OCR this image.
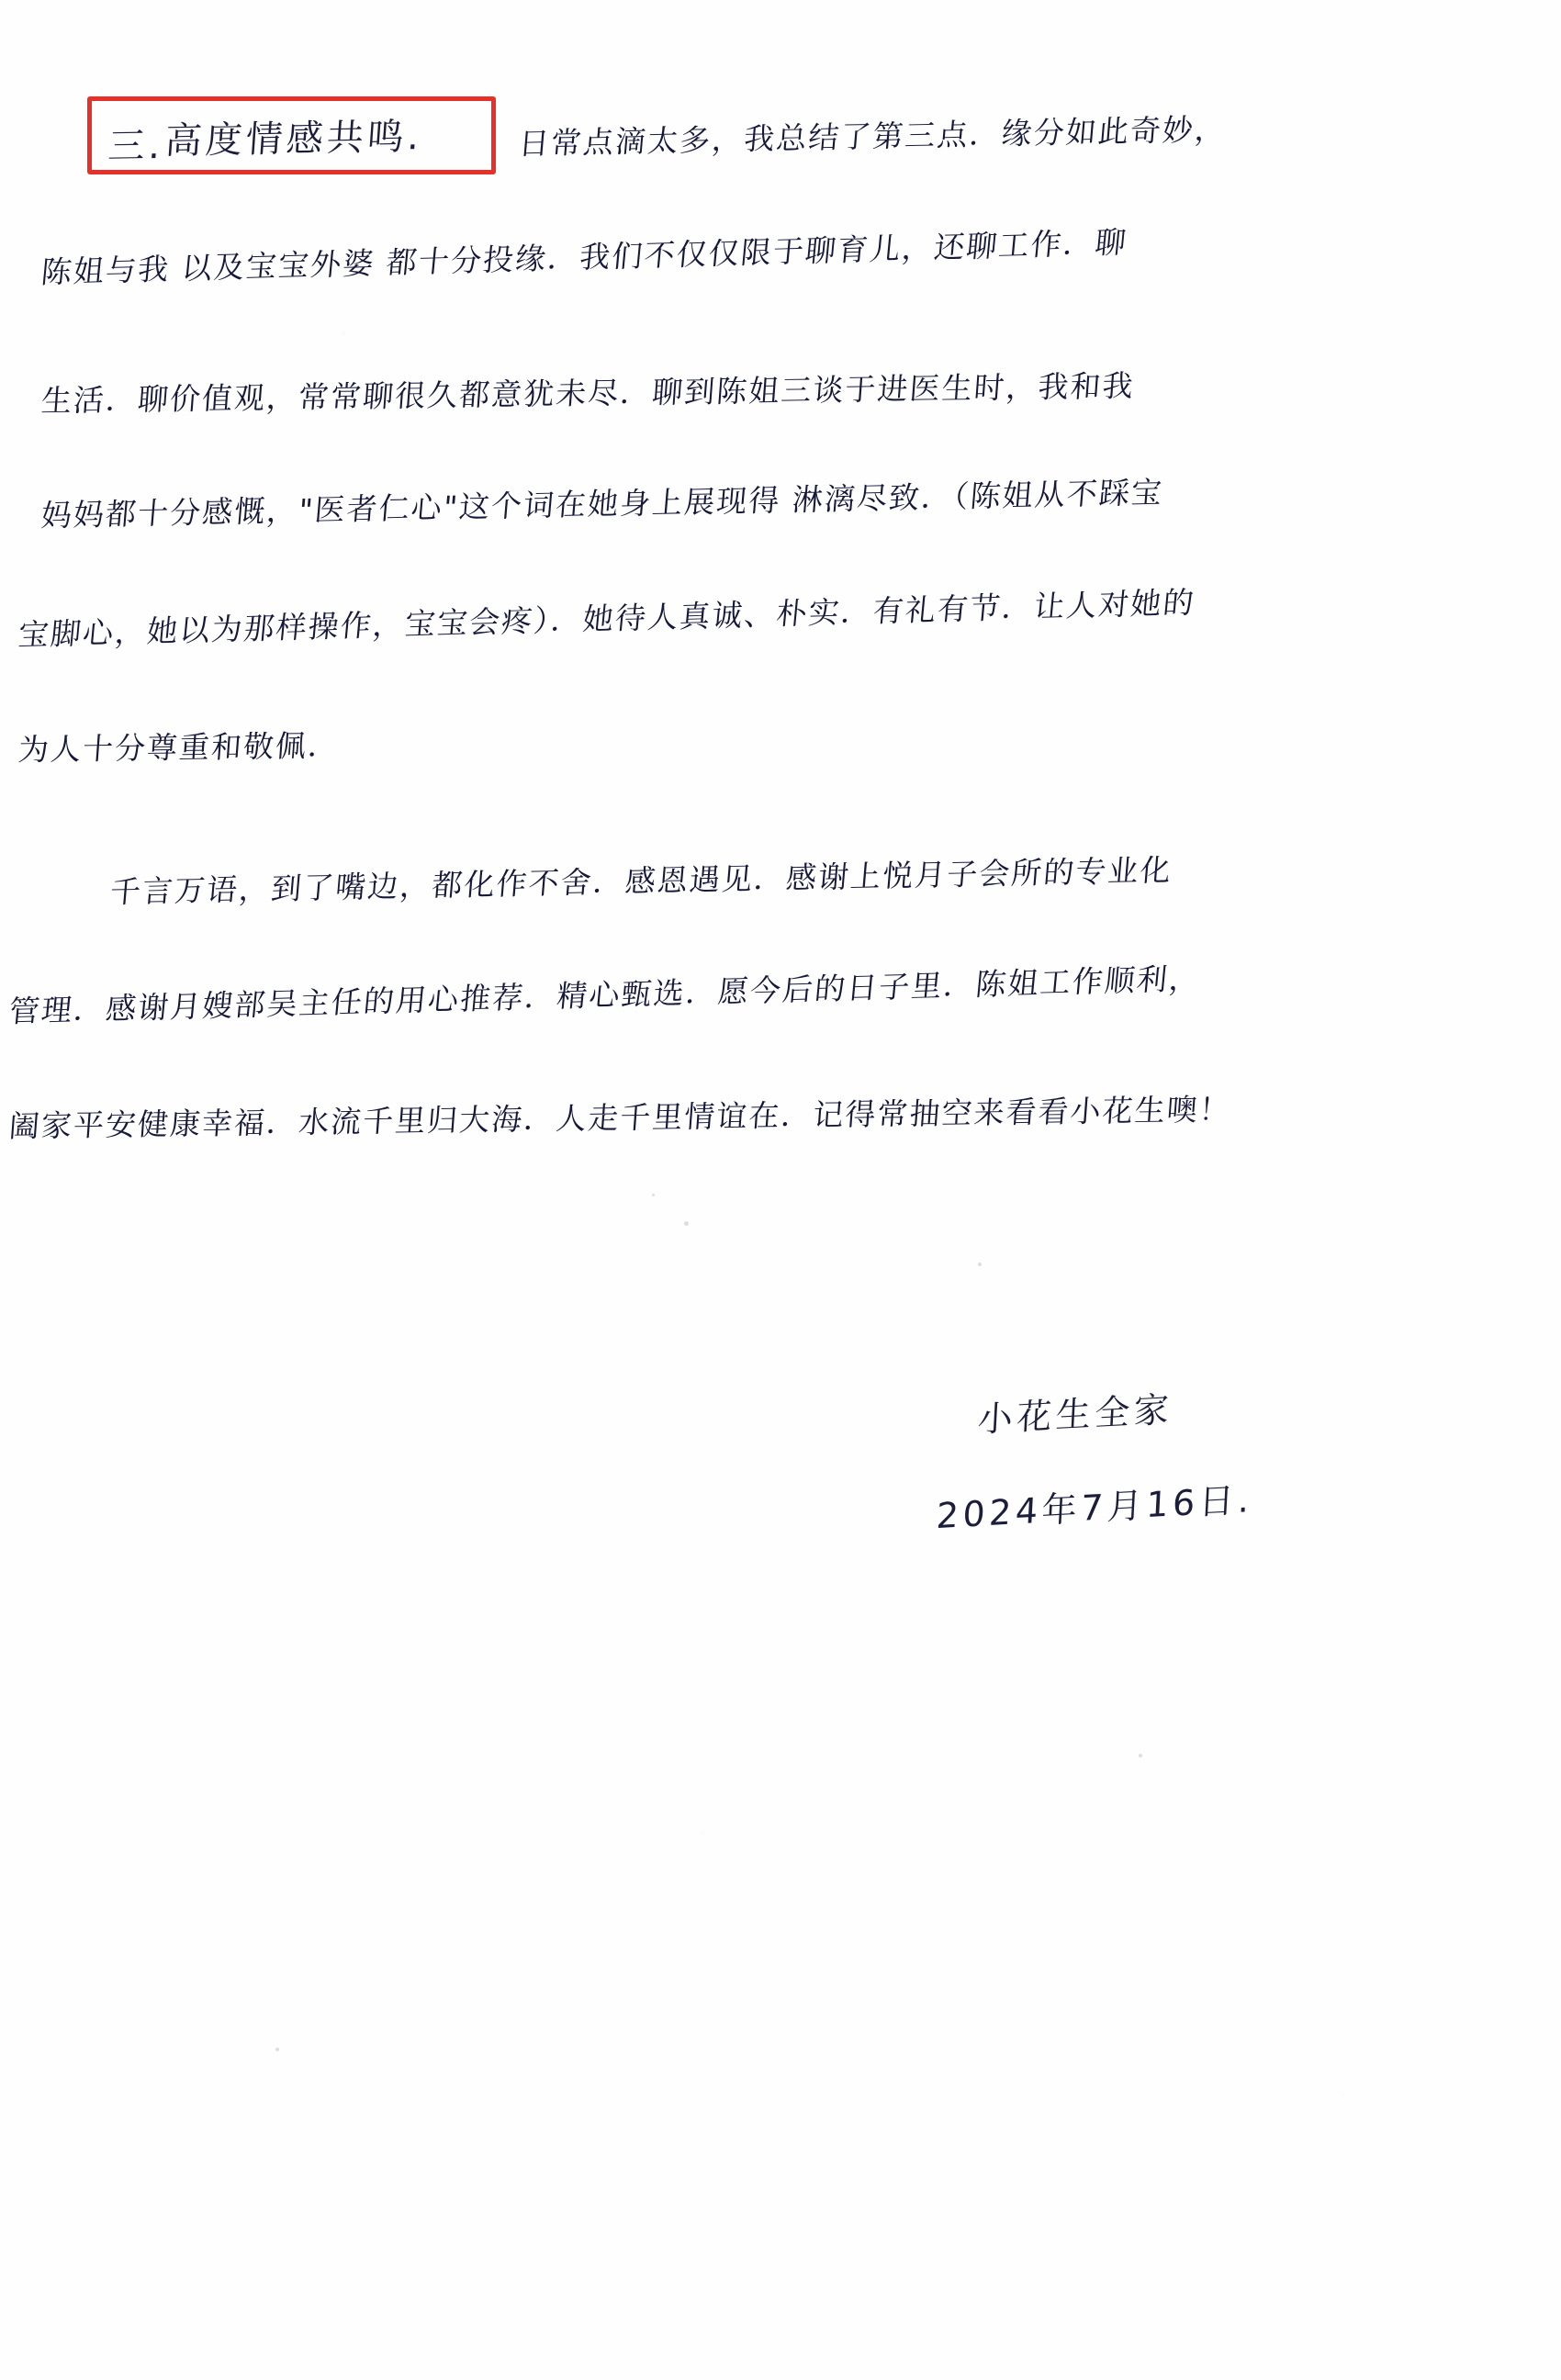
三.
高度情感共鸣.	日常点滴太多，我总结了第三点．缘分如此奇妙，
陈姐与我 以及宝宝外婆 都十分投缘．我们不仅仅限于聊育儿，还聊工作．聊
生活．聊价值观，常常聊很久都意犹未尽．聊到陈姐三谈于进医生时，我和我
妈妈都十分感慨，"医者仁心"这个词在她身上展现得 淋漓尽致．（陈姐从不踩宝
宝脚心，她以为那样操作，宝宝会疼）．她待人真诚、朴实．有礼有节．让人对她的
为人十分尊重和敬佩．
千言万语，到了嘴边，都化作不舍．感恩遇见．感谢上悦月子会所的专业化
管理．感谢月嫂部吴主任的用心推荐．精心甄选．愿今后的日子里．陈姐工作顺利，
阖家平安健康幸福．水流千里归大海．人走千里情谊在．记得常抽空来看看小花生噢！
小花生全家
2024年7月16日.
